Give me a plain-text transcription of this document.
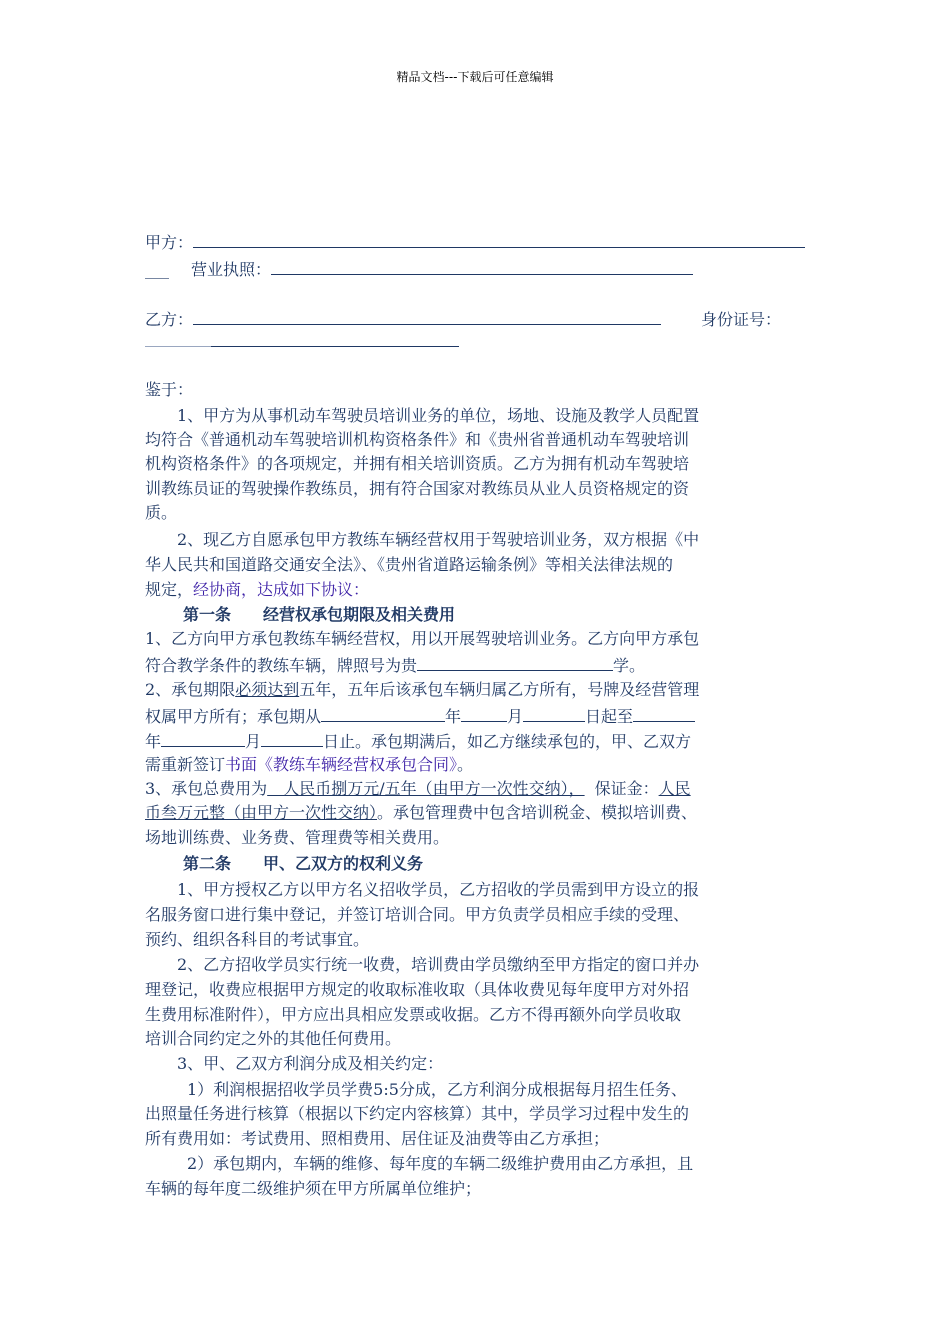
精品文档---下载后可任意编辑
甲方：
___ 营业执照：
乙方：	身份证号：
鉴于：
1、甲方为从事机动车驾驶员培训业务的单位，场地、设施及教学人员配置
均符合《普通机动车驾驶培训机构资格条件》和《贵州省普通机动车驾驶培训
机构资格条件》的各项规定，并拥有相关培训资质。乙方为拥有机动车驾驶培
训教练员证的驾驶操作教练员，拥有符合国家对教练员从业人员资格规定的资
质。
2、现乙方自愿承包甲方教练车辆经营权用于驾驶培训业务，双方根据《中
华人民共和国道路交通安全法》、《贵州省道路运输条例》等相关法律法规的
规定，经协商，达成如下协议：
第一条　　经营权承包期限及相关费用
1、乙方向甲方承包教练车辆经营权，用以开展驾驶培训业务。乙方向甲方承包
符合教学条件的教练车辆，牌照号为贵	学。
2、承包期限必须达到五年，五年后该承包车辆归属乙方所有，号牌及经营管理
权属甲方所有；承包期从	年	月	日起至
年	月	日止。承包期满后，如乙方继续承包的，甲、乙双方
需重新签订书面《教练车辆经营权承包合同》。
3、承包总费用为　人民币捌万元/五年（由甲方一次性交纳）， 保证金：人民
币叁万元整（由甲方一次性交纳）。承包管理费中包含培训税金、模拟培训费、
场地训练费、业务费、管理费等相关费用。
第二条　　甲、乙双方的权利义务
1、甲方授权乙方以甲方名义招收学员，乙方招收的学员需到甲方设立的报
名服务窗口进行集中登记，并签订培训合同。甲方负责学员相应手续的受理、
预约、组织各科目的考试事宜。
2、乙方招收学员实行统一收费，培训费由学员缴纳至甲方指定的窗口并办
理登记，收费应根据甲方规定的收取标准收取（具体收费见每年度甲方对外招
生费用标准附件），甲方应出具相应发票或收据。乙方不得再额外向学员收取
培训合同约定之外的其他任何费用。
3、甲、乙双方利润分成及相关约定：
1）利润根据招收学员学费5:5分成，乙方利润分成根据每月招生任务、
出照量任务进行核算（根据以下约定内容核算）其中，学员学习过程中发生的
所有费用如：考试费用、照相费用、居住证及油费等由乙方承担；
2）承包期内，车辆的维修、每年度的车辆二级维护费用由乙方承担，且
车辆的每年度二级维护须在甲方所属单位维护；
